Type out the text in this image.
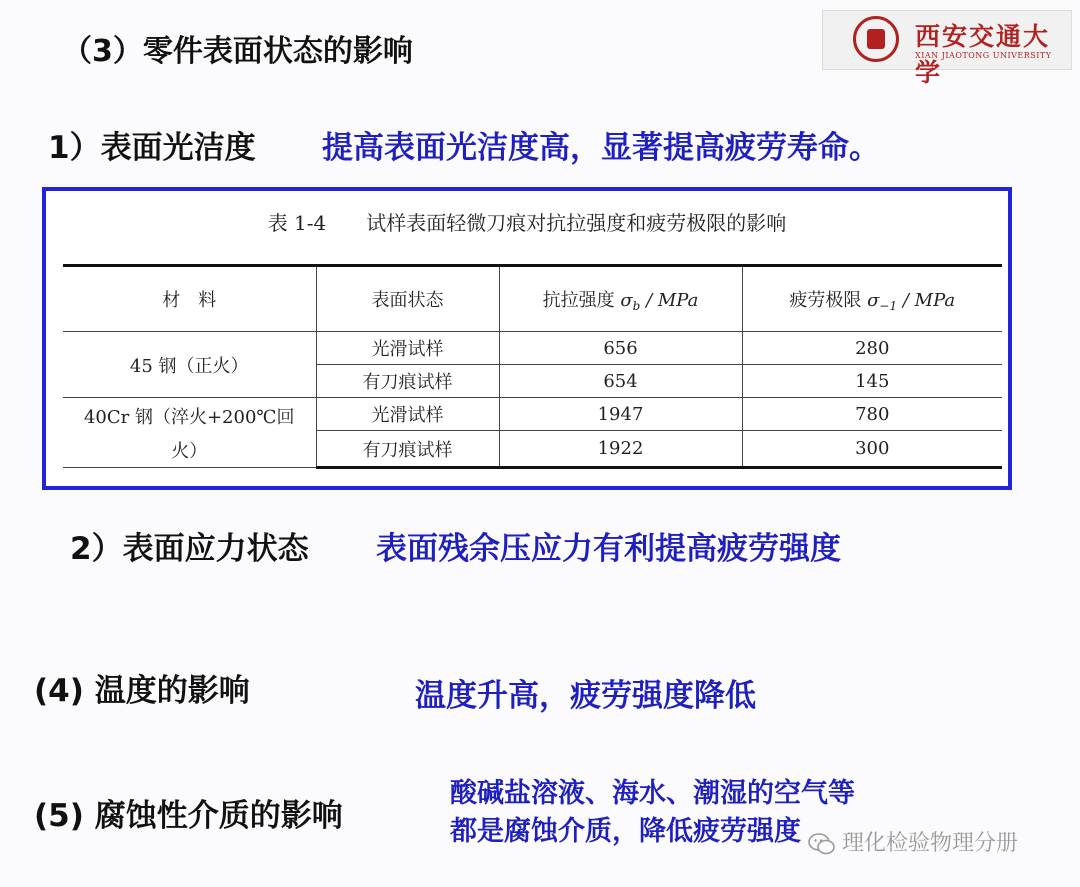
（3）零件表面状态的影响	西安交通大学
XIAN JIAOTONG UNIVERSITY
1）表面光洁度 提高表面光洁度高，显著提高疲劳寿命。
表 1-4　　试样表面轻微刀痕对抗拉强度和疲劳极限的影响
材　料	表面状态	抗拉强度 $\sigma_b$ / MPa	疲劳极限 $\sigma_{-1}$ / MPa
45 钢（正火）	光滑试样	656	280
	有刀痕试样	654	145

40Cr 钢（淬火+200℃回
火）	光滑试样	1947	780
	有刀痕试样	1922	300
2）表面应力状态 表面残余压应力有利提高疲劳强度
(4) 温度的影响	温度升高，疲劳强度降低
(5) 腐蚀性介质的影响
酸碱盐溶液、海水、潮湿的空气等
都是腐蚀介质，降低疲劳强度	理化检验物理分册
